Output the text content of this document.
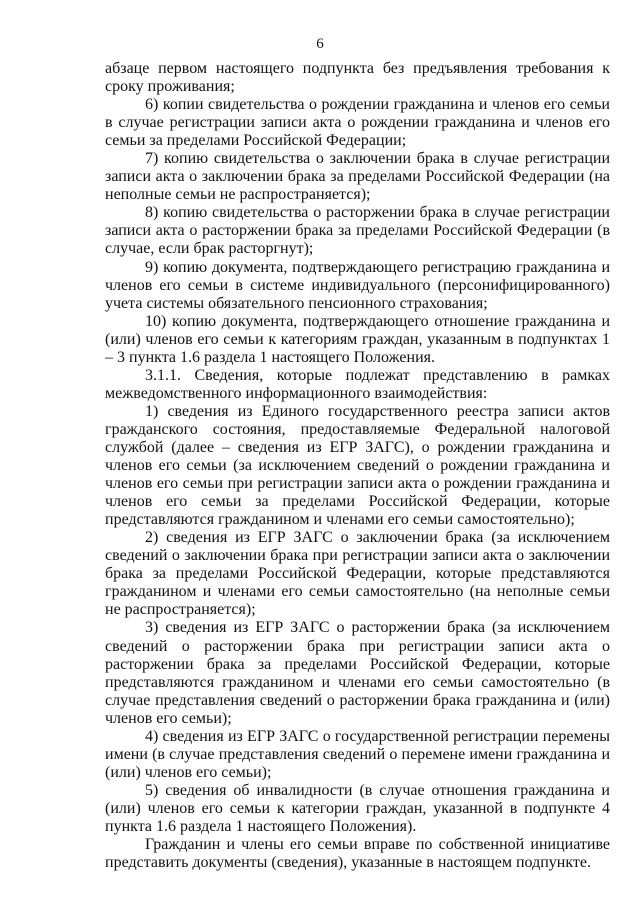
6

абзаце первом настоящего подпункта без предъявления требования к сроку проживания;

6) копии свидетельства о рождении гражданина и членов его семьи в случае регистрации записи акта о рождении гражданина и членов его семьи за пределами Российской Федерации;

7) копию свидетельства о заключении брака в случае регистрации записи акта о заключении брака за пределами Российской Федерации (на неполные семьи не распространяется);

8) копию свидетельства о расторжении брака в случае регистрации записи акта о расторжении брака за пределами Российской Федерации (в случае, если брак расторгнут);

9) копию документа, подтверждающего регистрацию гражданина и членов его семьи в системе индивидуального (персонифицированного) учета системы обязательного пенсионного страхования;

10) копию документа, подтверждающего отношение гражданина и (или) членов его семьи к категориям граждан, указанным в подпунктах 1 – 3 пункта 1.6 раздела 1 настоящего Положения.

3.1.1. Сведения, которые подлежат представлению в рамках межведомственного информационного взаимодействия:

1) сведения из Единого государственного реестра записи актов гражданского состояния, предоставляемые Федеральной налоговой службой (далее – сведения из ЕГР ЗАГС), о рождении гражданина и членов его семьи (за исключением сведений о рождении гражданина и членов его семьи при регистрации записи акта о рождении гражданина и членов его семьи за пределами Российской Федерации, которые представляются гражданином и членами его семьи самостоятельно);

2) сведения из ЕГР ЗАГС о заключении брака (за исключением сведений о заключении брака при регистрации записи акта о заключении брака за пределами Российской Федерации, которые представляются гражданином и членами его семьи самостоятельно (на неполные семьи не распространяется);

3) сведения из ЕГР ЗАГС о расторжении брака (за исключением сведений о расторжении брака при регистрации записи акта о расторжении брака за пределами Российской Федерации, которые представляются гражданином и членами его семьи самостоятельно (в случае представления сведений о расторжении брака гражданина и (или) членов его семьи);

4) сведения из ЕГР ЗАГС о государственной регистрации перемены имени (в случае представления сведений о перемене имени гражданина и (или) членов его семьи);

5) сведения об инвалидности (в случае отношения гражданина и (или) членов его семьи к категории граждан, указанной в подпункте 4 пункта 1.6 раздела 1 настоящего Положения).

Гражданин и члены его семьи вправе по собственной инициативе представить документы (сведения), указанные в настоящем подпункте.
